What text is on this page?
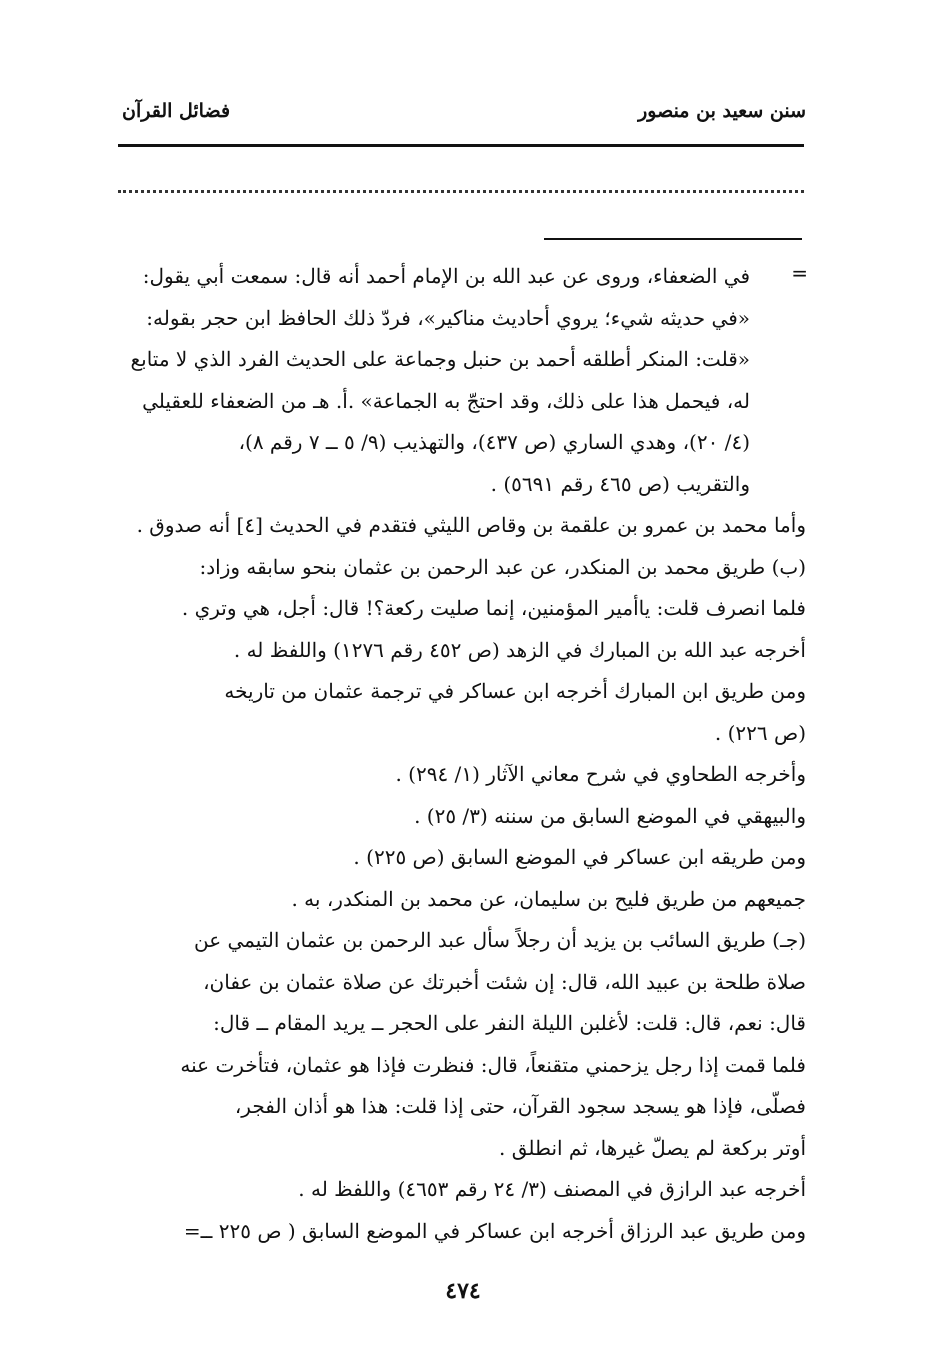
سنن سعيد بن منصور
فضائل القرآن
=
في الضعفاء، وروى عن عبد الله بن الإمام أحمد أنه قال: سمعت أبي يقول:
«في حديثه شيء؛ يروي أحاديث مناكير»، فردّ ذلك الحافظ ابن حجر بقوله:
«قلت: المنكر أطلقه أحمد بن حنبل وجماعة على الحديث الفرد الذي لا متابع
له، فيحمل هذا على ذلك، وقد احتجّ به الجماعة» .أ. هـ من الضعفاء للعقيلي
(٤/ ٢٠)، وهدي الساري (ص ٤٣٧)، والتهذيب (٩/ ٥ ــ ٧ رقم ٨)،
والتقريب (ص ٤٦٥ رقم ٥٦٩١) .
وأما محمد بن عمرو بن علقمة بن وقاص الليثي فتقدم في الحديث [٤] أنه صدوق .
(ب) طريق محمد بن المنكدر، عن عبد الرحمن بن عثمان بنحو سابقه وزاد:
فلما انصرف قلت: ياأمير المؤمنين، إنما صليت ركعة؟! قال: أجل، هي وتري .
أخرجه عبد الله بن المبارك في الزهد (ص ٤٥٢ رقم ١٢٧٦) واللفظ له .
ومن طريق ابن المبارك أخرجه ابن عساكر في ترجمة عثمان من تاريخه
(ص ٢٢٦) .
وأخرجه الطحاوي في شرح معاني الآثار (١/ ٢٩٤) .
والبيهقي في الموضع السابق من سننه (٣/ ٢٥) .
ومن طريقه ابن عساكر في الموضع السابق (ص ٢٢٥) .
جميعهم من طريق فليح بن سليمان، عن محمد بن المنكدر، به .
(جـ) طريق السائب بن يزيد أن رجلاً سأل عبد الرحمن بن عثمان التيمي عن
صلاة طلحة بن عبيد الله، قال: إن شئت أخبرتك عن صلاة عثمان بن عفان،
قال: نعم، قال: قلت: لأغلبن الليلة النفر على الحجر ــ يريد المقام ــ قال:
فلما قمت إذا رجل يزحمني متقنعاً، قال: فنظرت فإذا هو عثمان، فتأخرت عنه
فصلّى، فإذا هو يسجد سجود القرآن، حتى إذا قلت: هذا هو أذان الفجر،
أوتر بركعة لم يصلّ غيرها، ثم انطلق .
أخرجه عبد الرازق في المصنف (٣/ ٢٤ رقم ٤٦٥٣) واللفظ له .
ومن طريق عبد الرزاق أخرجه ابن عساكر في الموضع السابق ( ص ٢٢٥ ــ=
٤٧٤
